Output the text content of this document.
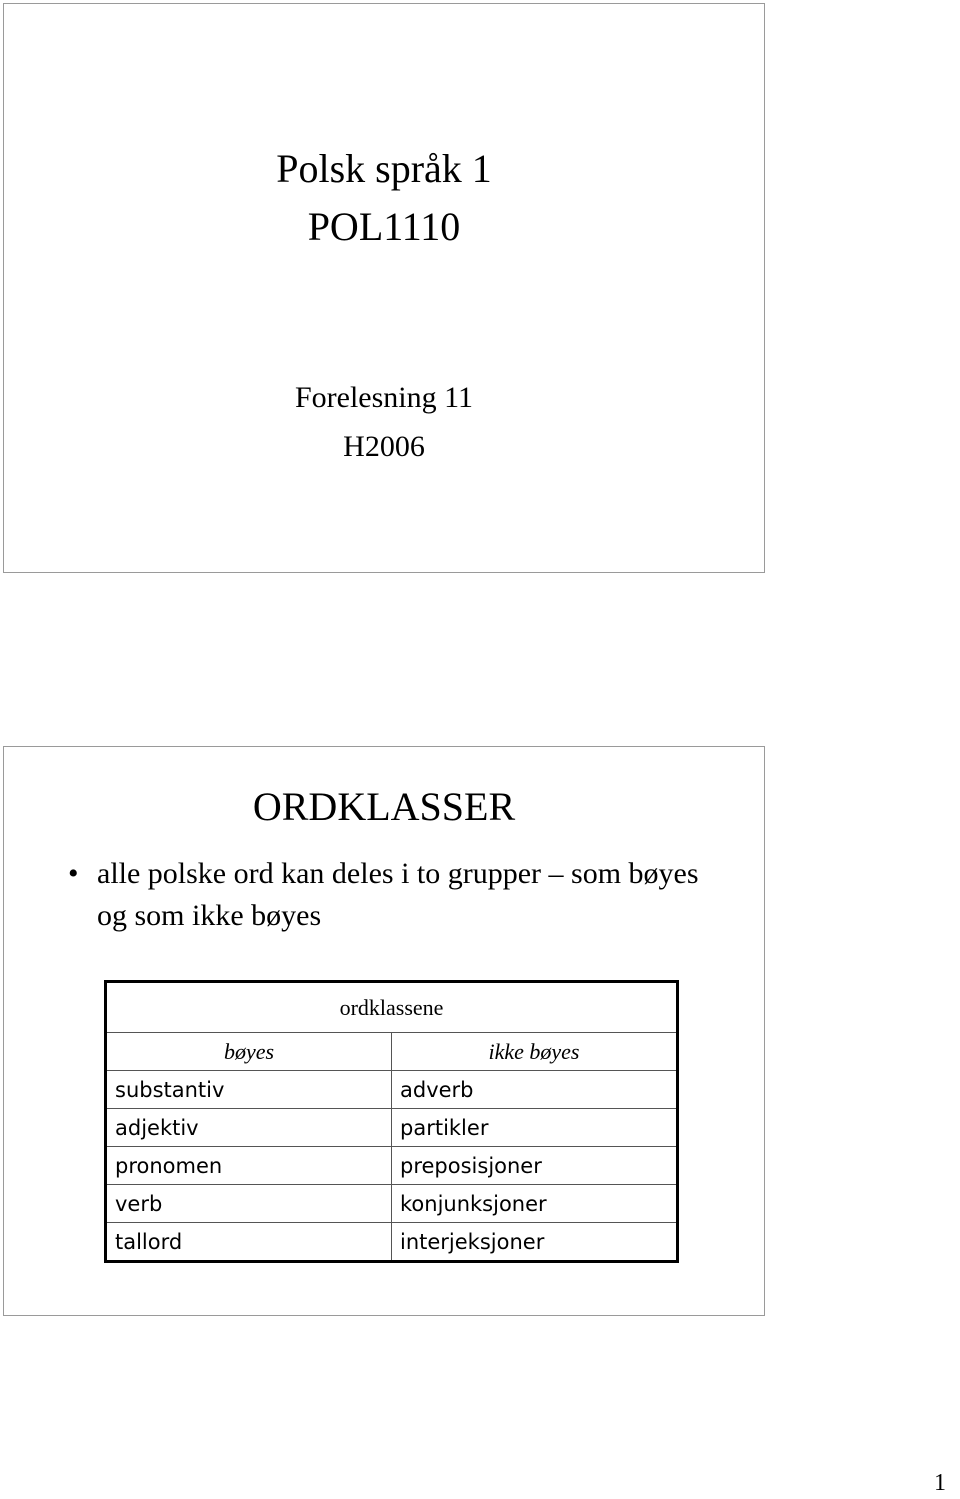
Polsk språk 1
POL1110
Forelesning 11
H2006
ORDKLASSER
• alle polske ord kan deles i to grupper – som bøyes og som ikke bøyes
ordklassene	
bøyes	ikke bøyes
substantiv	adverb
adjektiv	partikler
pronomen	preposisjoner
verb	konjunksjoner
tallord	interjeksjoner
1
